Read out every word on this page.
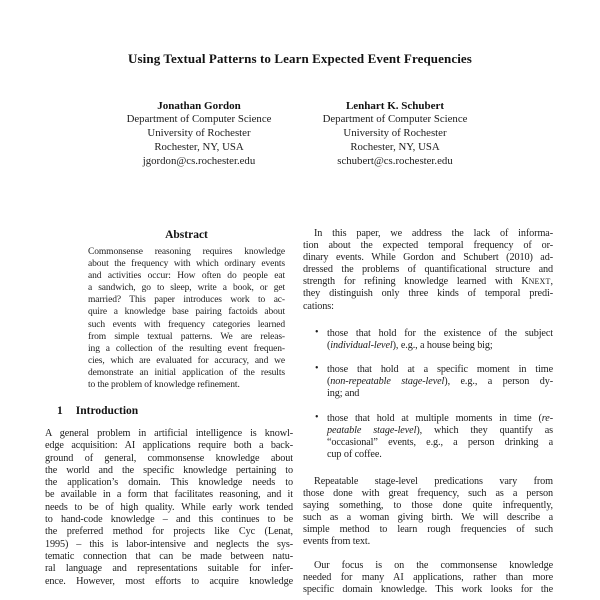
Using Textual Patterns to Learn Expected Event Frequencies
Jonathan Gordon
Department of Computer Science
University of Rochester
Rochester, NY, USA
jgordon@cs.rochester.edu
Lenhart K. Schubert
Department of Computer Science
University of Rochester
Rochester, NY, USA
schubert@cs.rochester.edu
Abstract
Commonsense reasoning requires knowledge
about the frequency with which ordinary events
and activities occur: How often do people eat
a sandwich, go to sleep, write a book, or get
married? This paper introduces work to ac-
quire a knowledge base pairing factoids about
such events with frequency categories learned
from simple textual patterns. We are releas-
ing a collection of the resulting event frequen-
cies, which are evaluated for accuracy, and we
demonstrate an initial application of the results
to the problem of knowledge refinement.
1 Introduction
A general problem in artificial intelligence is knowl-
edge acquisition: AI applications require both a back-
ground of general, commonsense knowledge about
the world and the specific knowledge pertaining to
the application’s domain. This knowledge needs to
be available in a form that facilitates reasoning, and it
needs to be of high quality. While early work tended
to hand-code knowledge – and this continues to be
the preferred method for projects like Cyc (Lenat,
1995) – this is labor-intensive and neglects the sys-
tematic connection that can be made between natu-
ral language and representations suitable for infer-
ence. However, most efforts to acquire knowledge
In this paper, we address the lack of informa-
tion about the expected temporal frequency of or-
dinary events. While Gordon and Schubert (2010) ad-
dressed the problems of quantificational structure and
strength for refining knowledge learned with KNEXT,
they distinguish only three kinds of temporal predi-
cations:
• those that hold for the existence of the subject
(individual-level), e.g., a house being big;
• those that hold at a specific moment in time
(non-repeatable stage-level), e.g., a person dy-
ing; and
• those that hold at multiple moments in time (re-
peatable stage-level), which they quantify as
“occasional” events, e.g., a person drinking a
cup of coffee.
Repeatable stage-level predications vary from
those done with great frequency, such as a person
saying something, to those done quite infrequently,
such as a woman giving birth. We will describe a
simple method to learn rough frequencies of such
events from text.
Our focus is on the commonsense knowledge
needed for many AI applications, rather than more
specific domain knowledge. This work looks for the
